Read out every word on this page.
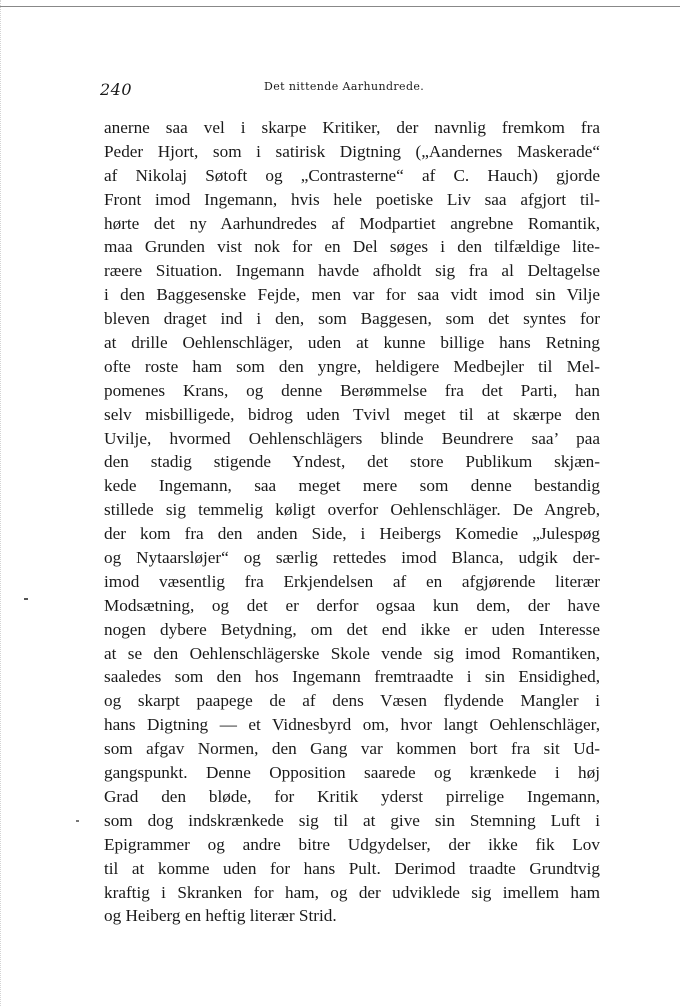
240	Det nittende Aarhundrede.
anerne saa vel i skarpe Kritiker, der navnlig fremkom fra
Peder Hjort, som i satirisk Digtning („Aandernes Maskerade“
af Nikolaj Søtoft og „Contrasterne“ af C. Hauch) gjorde
Front imod Ingemann, hvis hele poetiske Liv saa afgjort til-
hørte det ny Aarhundredes af Modpartiet angrebne Romantik,
maa Grunden vist nok for en Del søges i den tilfældige lite-
ræere Situation. Ingemann havde afholdt sig fra al Deltagelse
i den Baggesenske Fejde, men var for saa vidt imod sin Vilje
bleven draget ind i den, som Baggesen, som det syntes for
at drille Oehlenschläger, uden at kunne billige hans Retning
ofte roste ham som den yngre, heldigere Medbejler til Mel-
pomenes Krans, og denne Berømmelse fra det Parti, han
selv misbilligede, bidrog uden Tvivl meget til at skærpe den
Uvilje, hvormed Oehlenschlägers blinde Beundrere saa’ paa
den stadig stigende Yndest, det store Publikum skjæn-
kede Ingemann, saa meget mere som denne bestandig
stillede sig temmelig køligt overfor Oehlenschläger. De Angreb,
der kom fra den anden Side, i Heibergs Komedie „Julespøg
og Nytaarsløjer“ og særlig rettedes imod Blanca, udgik der-
imod væsentlig fra Erkjendelsen af en afgjørende literær
Modsætning, og det er derfor ogsaa kun dem, der have
nogen dybere Betydning, om det end ikke er uden Interesse
at se den Oehlenschlägerske Skole vende sig imod Romantiken,
saaledes som den hos Ingemann fremtraadte i sin Ensidighed,
og skarpt paapege de af dens Væsen flydende Mangler i
hans Digtning — et Vidnesbyrd om, hvor langt Oehlenschläger,
som afgav Normen, den Gang var kommen bort fra sit Ud-
gangspunkt. Denne Opposition saarede og krænkede i høj
Grad den bløde, for Kritik yderst pirrelige Ingemann,
som dog indskrænkede sig til at give sin Stemning Luft i
Epigrammer og andre bitre Udgydelser, der ikke fik Lov
til at komme uden for hans Pult. Derimod traadte Grundtvig
kraftig i Skranken for ham, og der udviklede sig imellem ham
og Heiberg en heftig literær Strid.
